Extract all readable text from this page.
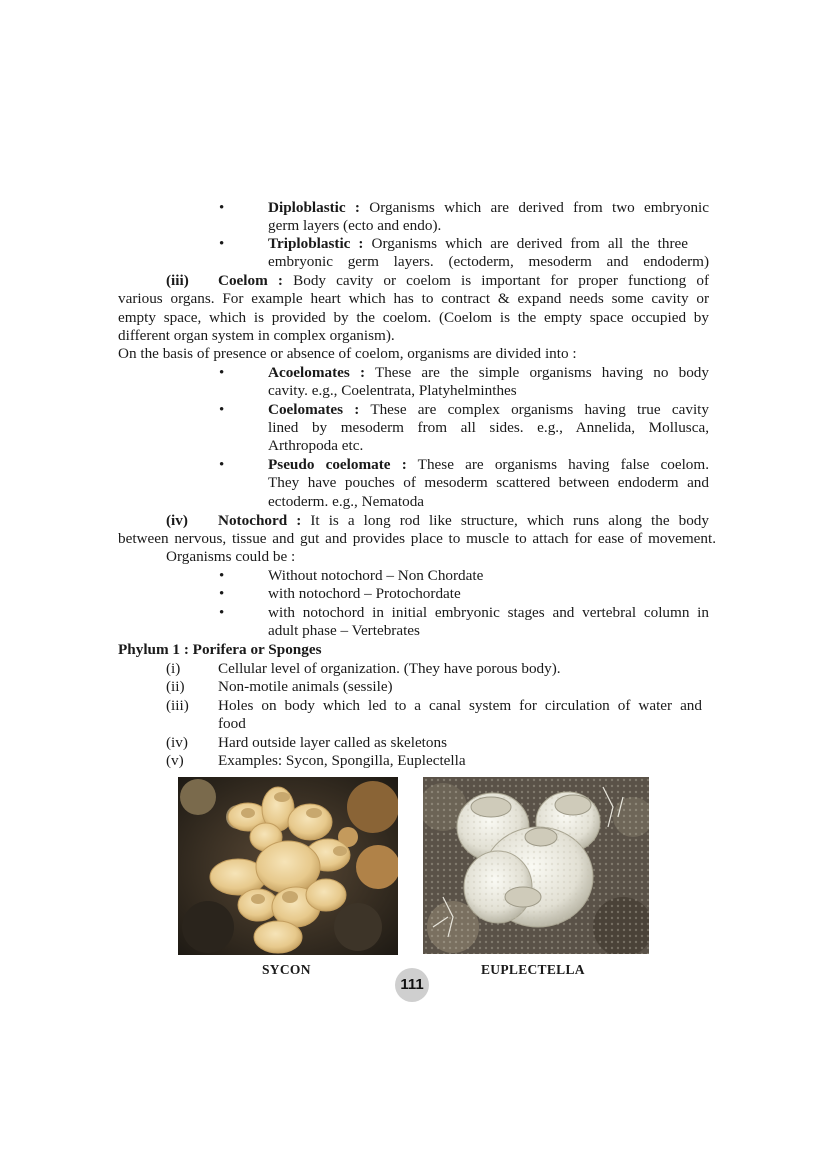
•	Diploblastic : Organisms which are derived from two embryonic
germ layers (ecto and endo).
•	Triploblastic : Organisms which are derived from all the three
embryonic germ layers. (ectoderm, mesoderm and endoderm)
(iii) Coelom : Body cavity or coelom is important for proper functiong of
various organs. For example heart which has to contract & expand needs some cavity or
empty space, which is provided by the coelom. (Coelom is the empty space occupied by
different organ system in complex organism).
On the basis of presence or absence of coelom, organisms are divided into :
•	Acoelomates : These are the simple organisms having no body
cavity. e.g., Coelentrata, Platyhelminthes
•	Coelomates : These are complex organisms having true cavity
lined by mesoderm from all sides. e.g., Annelida, Mollusca,
Arthropoda etc.
•	Pseudo coelomate : These are organisms having false coelom.
They have pouches of mesoderm scattered between endoderm and
ectoderm. e.g., Nematoda
(iv) Notochord : It is a long rod like structure, which runs along the body
between nervous, tissue and gut and provides place to muscle to attach for ease of movement.
Organisms could be :
•	Without notochord – Non Chordate
•	with notochord – Protochordate
•	with notochord in initial embryonic stages and vertebral column in
adult phase – Vertebrates
Phylum 1 : Porifera or Sponges
(i) Cellular level of organization. (They have porous body).
(ii) Non-motile animals (sessile)
(iii) Holes on body which led to a canal system for circulation of water and
food
(iv) Hard outside layer called as skeletons
(v) Examples: Sycon, Spongilla, Euplectella
SYCON	EUPLECTELLA
111
